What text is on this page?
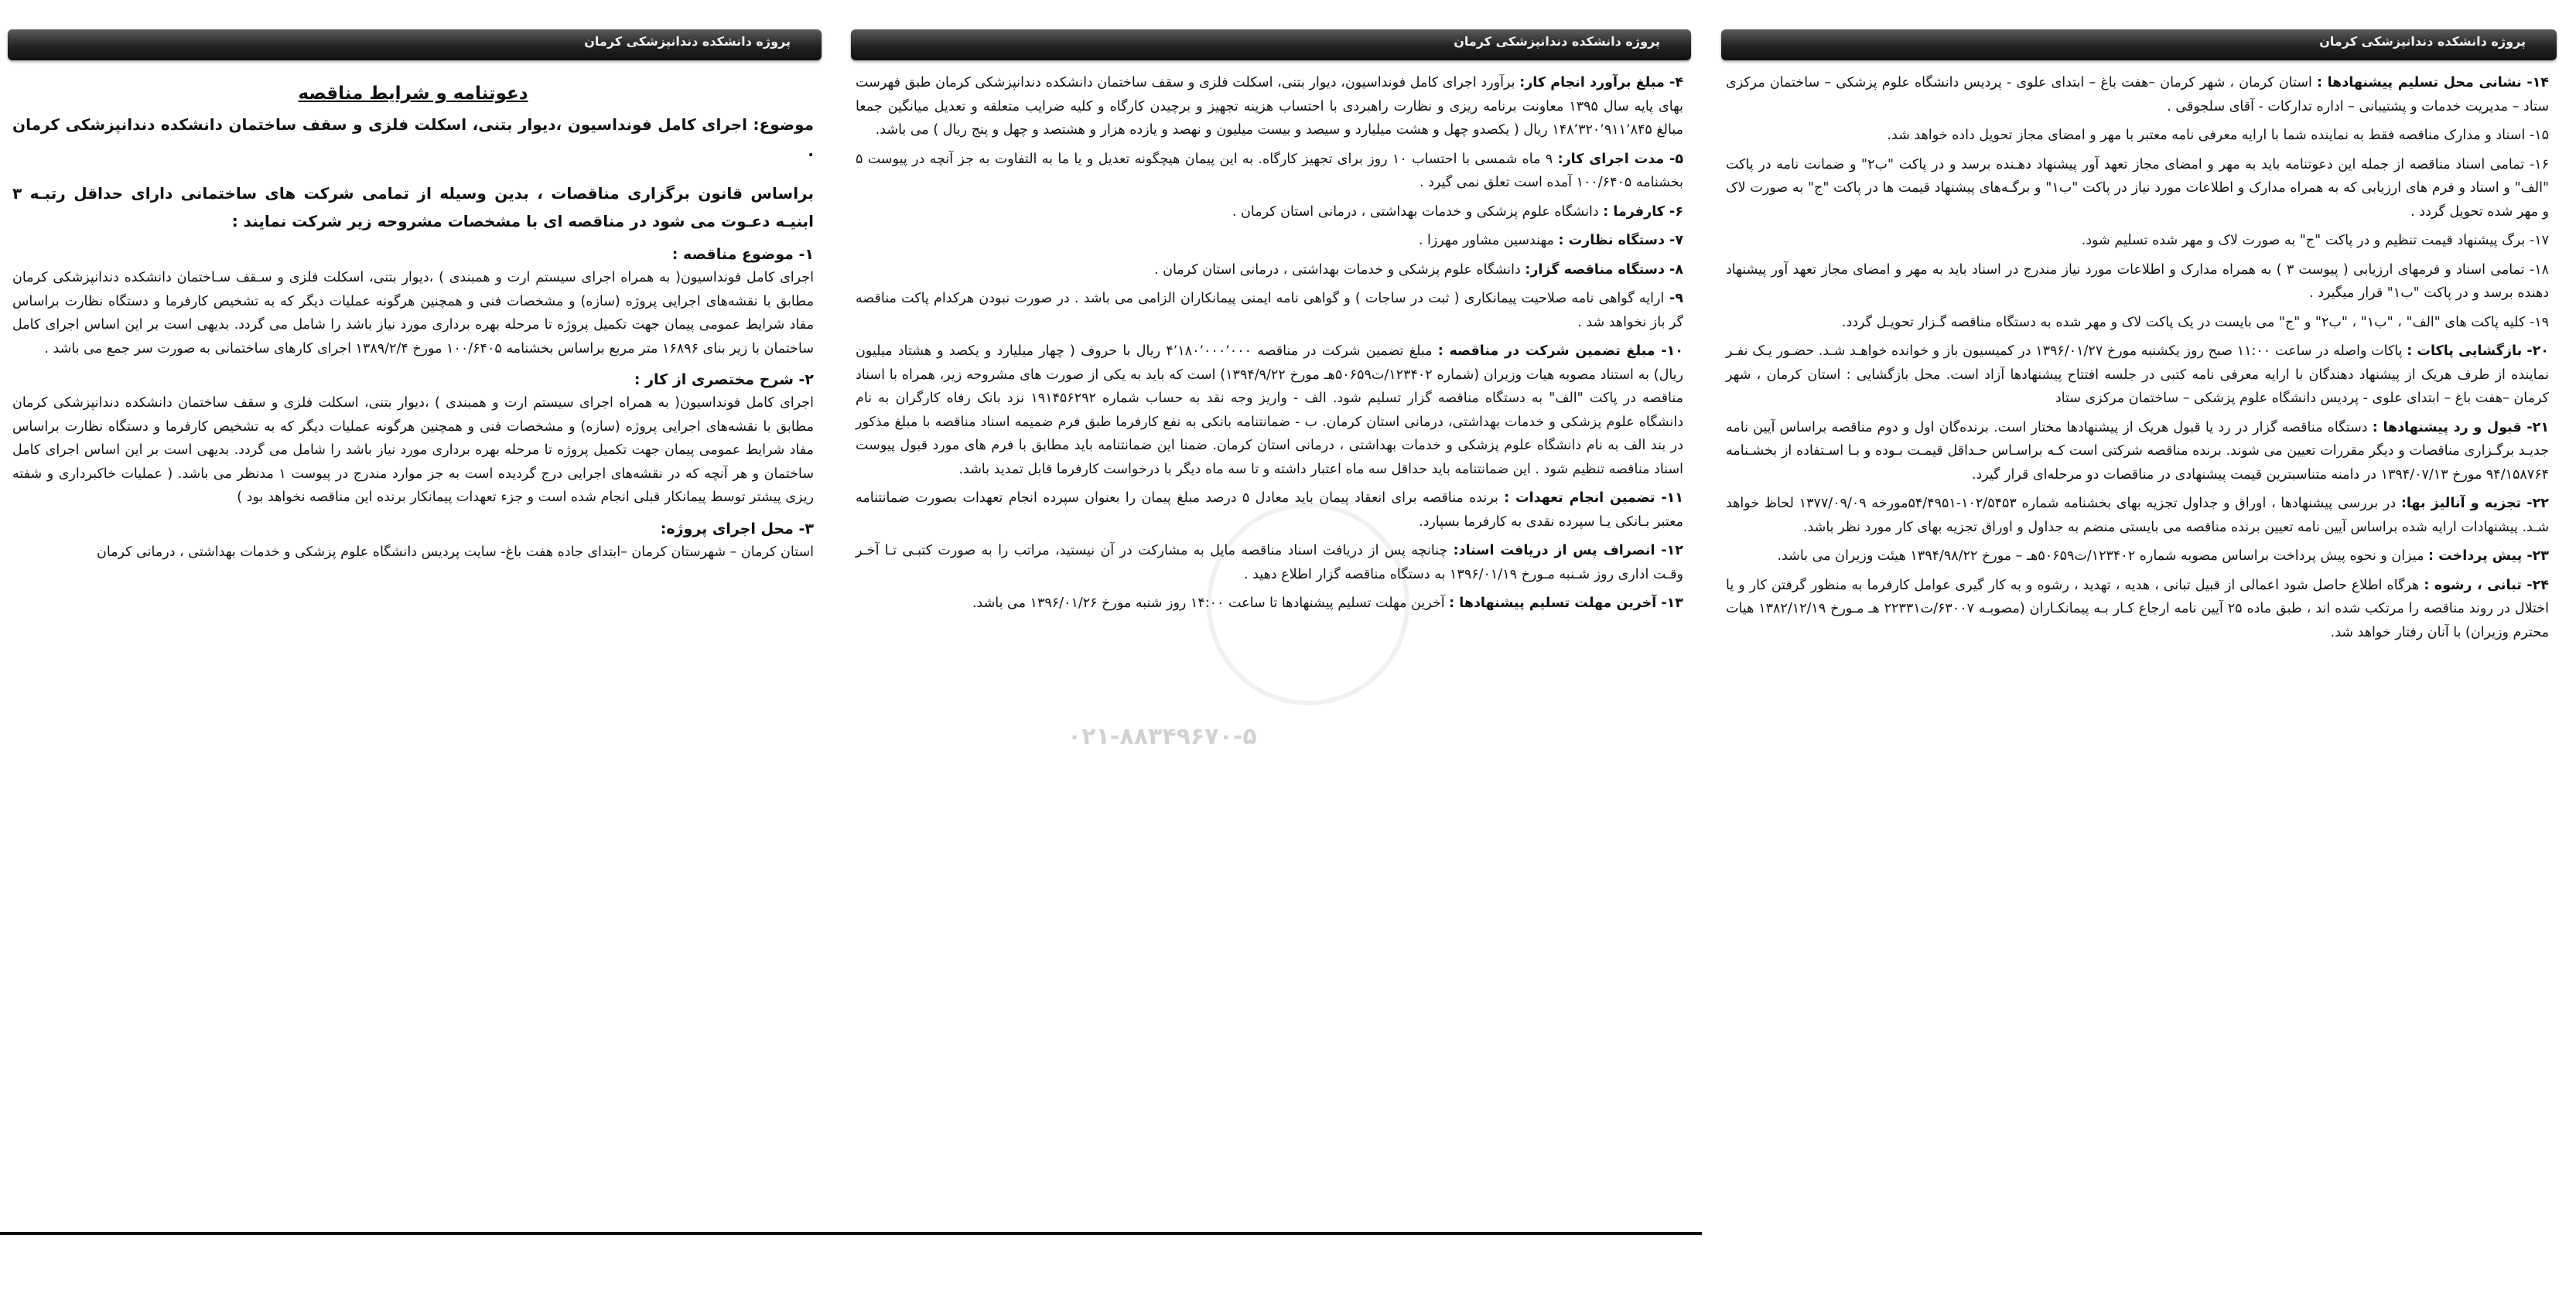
پروژه دانشکده دندانپزشکی کرمان
دعوتنامه و شرایط مناقصه
موضوع: اجرای کامل فونداسیون ،دیوار بتنی، اسکلت فلزی و سقف ساختمان دانشکده دندانپزشکی کرمان .
براساس قانون برگزاری مناقصات ، بدین وسیله از تمامی شرکت های ساختمانی دارای حداقل رتبـه ۳ ابنیـه دعـوت می شود در مناقصه ای با مشخصات مشروحه زیر شرکت نمایند :
۱- موضوع مناقصه :

اجرای کامل فونداسیون( به همراه اجرای سیستم ارت و همبندی ) ،دیوار بتنی، اسکلت فلزی و سـقف سـاختمان دانشکده دندانپزشکی کرمان مطابق با نقشه‌های اجرایی پروژه (سازه) و مشخصات فنی و همچنین هرگونه عملیات دیگر که به تشخیص کارفرما و دستگاه نظارت براساس مفاد شرایط عمومی پیمان جهت تکمیل پروژه تا مرحله بهره برداری مورد نیاز باشد را شامل می گردد. بدیهی است بر این اساس اجرای کامل ساختمان با زیر بنای ۱۶۸۹۶ متر مربع براساس بخشنامه ۱۰۰/۶۴۰۵ مورخ ۱۳۸۹/۲/۴ اجرای کارهای ساختمانی به صورت سر جمع می باشد .

۲- شرح مختصری از کار :

اجرای کامل فونداسیون( به همراه اجرای سیستم ارت و همبندی ) ،دیوار بتنی، اسکلت فلزی و سقف ساختمان دانشکده دندانپزشکی کرمان مطابق با نقشه‌های اجرایی پروژه (سازه) و مشخصات فنی و همچنین هرگونه عملیات دیگر که به تشخیص کارفرما و دستگاه نظارت براساس مفاد شرایط عمومی پیمان جهت تکمیل پروژه تا مرحله بهره برداری مورد نیاز باشد را شامل می گردد. بدیهی است بر این اساس اجرای کامل ساختمان و هر آنچه که در نقشه‌های اجرایی درج گردیده است به جز موارد مندرج در پیوست ۱ مدنظر می باشد. ( عملیات خاکبرداری و شفته ریزی پیشتر توسط پیمانکار قبلی انجام شده است و جزء تعهدات پیمانکار برنده این مناقصه نخواهد بود )

۳- محل اجرای پروژه:

استان کرمان – شهرستان کرمان –ابتدای جاده هفت باغ- سایت پردیس دانشگاه علوم پزشکی و خدمات بهداشتی ، درمانی کرمان

پروژه دانشکده دندانپزشکی کرمان

۴- مبلغ برآورد انجام کار: برآورد اجرای کامل فونداسیون، دیوار بتنی، اسکلت فلزی و سقف ساختمان دانشکده دندانپزشکی کرمان طبق فهرست بهای پایه سال ۱۳۹۵ معاونت برنامه ریزی و نظارت راهبردی با احتساب هزینه تجهیز و برچیدن کارگاه و کلیه ضرایب متعلقه و تعدیل میانگین جمعا مبالغ ۱۴۸٬۳۲۰٬۹۱۱٬۸۴۵ ریال ( یکصدو چهل و هشت میلیارد و سیصد و بیست میلیون و نهصد و یازده هزار و هشتصد و چهل و پنج ریال ) می باشد.

۵- مدت اجرای کار: ۹ ماه شمسی با احتساب ۱۰ روز برای تجهیز کارگاه. به این پیمان هیچگونه تعدیل و یا ما به التفاوت به جز آنچه در پیوست ۵ بخشنامه ۱۰۰/۶۴۰۵ آمده است تعلق نمی گیرد .

۶- کارفرما : دانشگاه علوم پزشکی و خدمات بهداشتی ، درمانی استان کرمان .

۷- دستگاه نظارت : مهندسین مشاور مهرزا .

۸- دستگاه مناقصه گزار: دانشگاه علوم پزشکی و خدمات بهداشتی ، درمانی استان کرمان .

۹- ارایه گواهی نامه صلاحیت پیمانکاری ( ثبت در ساجات ) و گواهی نامه ایمنی پیمانکاران الزامی می باشد . در صورت نبودن هرکدام پاکت مناقصه گر باز نخواهد شد .

۱۰- مبلغ تضمین شرکت در مناقصه : مبلغ تضمین شرکت در مناقصه ۴٬۱۸۰٬۰۰۰٬۰۰۰ ریال با حروف ( چهار میلیارد و یکصد و هشتاد میلیون ریال) به استناد مصوبه هیات وزیران (شماره ۱۲۳۴۰۲/ت۵۰۶۵۹هـ مورخ ۱۳۹۴/۹/۲۲) است که باید به یکی از صورت های مشروحه زیر، همراه با اسناد مناقصه در پاکت "الف" به دستگاه مناقصه گزار تسلیم شود. الف - واریز وجه نقد به حساب شماره ۱۹۱۴۵۶۲۹۲ نزد بانک رفاه کارگران به نام دانشگاه علوم پزشکی و خدمات بهداشتی، درمانی استان کرمان. ب - ضمانتنامه بانکی به نفع کارفرما طبق فرم ضمیمه اسناد مناقصه با مبلغ مذکور در بند الف به نام دانشگاه علوم پزشکی و خدمات بهداشتی ، درمانی استان کرمان. ضمنا این ضمانتنامه باید مطابق با فرم های مورد قبول پیوست اسناد مناقصه تنظیم شود . این ضمانتنامه باید حداقل سه ماه اعتبار داشته و تا سه ماه دیگر با درخواست کارفرما قابل تمدید باشد.

۱۱- تضمین انجام تعهدات : برنده مناقصه برای انعقاد پیمان باید معادل ۵ درصد مبلغ پیمان را بعنوان سپرده انجام تعهدات بصورت ضمانتنامه معتبر بـانکی یـا سپرده نقدی به کارفرما بسپارد.

۱۲- انصراف پس از دریافت اسناد: چنانچه پس از دریافت اسناد مناقصه مایل به مشارکت در آن نیستید، مراتب را به صورت کتبـی تـا آخـر وقـت اداری روز شـنبه مـورخ ۱۳۹۶/۰۱/۱۹ به دستگاه مناقصه گزار اطلاع دهید .

۱۳- آخرین مهلت تسلیم پیشنهادها : آخرین مهلت تسلیم پیشنهادها تا ساعت ۱۴:۰۰ روز شنبه مورخ ۱۳۹۶/۰۱/۲۶ می باشد.

پروژه دانشکده دندانپزشکی کرمان

۱۴- نشانی محل تسلیم پیشنهادها : استان کرمان ، شهر کرمان –هفت باغ – ابتدای علوی - پردیس دانشگاه علوم پزشکی – ساختمان مرکزی ستاد – مدیریت خدمات و پشتیبانی – اداره تدارکات - آقای سلجوقی .

۱۵- اسناد و مدارک مناقصه فقط به نماینده شما با ارایه معرفی نامه معتبر با مهر و امضای مجاز تحویل داده خواهد شد.

۱۶- تمامی اسناد مناقصه از جمله این دعوتنامه باید به مهر و امضای مجاز تعهد آور پیشنهاد دهـنده برسد و در پاکت "ب۲" و ضمانت نامه در پاکت "الف" و اسناد و فرم های ارزیابی که به همراه مدارک و اطلاعات مورد نیاز در پاکت "ب۱" و برگـه‌های پیشنهاد قیمت ها در پاکت "ج" به صورت لاک و مهر شده تحویل گردد .

۱۷- برگ پیشنهاد قیمت تنظیم و در پاکت "ج" به صورت لاک و مهر شده تسلیم شود.

۱۸- تمامی اسناد و فرمهای ارزیابی ( پیوست ۳ ) به همراه مدارک و اطلاعات مورد نیاز مندرج در اسناد باید به مهر و امضای مجاز تعهد آور پیشنهاد دهنده برسد و در پاکت "ب۱" قرار میگیرد .

۱۹- کلیه پاکت های "الف" ، "ب۱" ، "ب۲" و "ج" می بایست در یک پاکت لاک و مهر شده به دستگاه مناقصه گـزار تحویـل گردد.

۲۰- بازگشایی پاکات : پاکات واصله در ساعت ۱۱:۰۰ صبح روز یکشنبه مورخ ۱۳۹۶/۰۱/۲۷ در کمیسیون باز و خوانده خواهـد شـد. حضـور یـک نفـر نماینده از طرف هریک از پیشنهاد دهندگان با ارایه معرفی نامه کتبی در جلسه افتتاح پیشنهادها آزاد است. محل بازگشایی : استان کرمان ، شهر کرمان –هفت باغ – ابتدای علوی - پردیس دانشگاه علوم پزشکی – ساختمان مرکزی ستاد

۲۱- قبول و رد پیشنهادها : دستگاه مناقصه گزار در رد یا قبول هریک از پیشنهادها مختار است. برنده‌گان اول و دوم مناقصه براساس آیین نامه جدیـد برگـزاری مناقصات و دیگر مقررات تعیین می شوند. برنده مناقصه شرکتی است کـه براسـاس حـداقل قیمـت بـوده و بـا اسـتفاده از بخشـنامه ۹۴/۱۵۸۷۶۴ مورخ ۱۳۹۴/۰۷/۱۳ در دامنه متناسبترین قیمت پیشنهادی در مناقصات دو مرحله‌ای قرار گیرد.

۲۲- تجزیه و آنالیز بها: در بررسی پیشنهادها ، اوراق و جداول تجزیه بهای بخشنامه شماره ۱۰۲/۵۴۵۳-۵۴/۴۹۵۱مورخه ۱۳۷۷/۰۹/۰۹ لحاظ خواهد شـد. پیشنهادات ارایه شده براساس آیین نامه تعیین برنده مناقصه می بایستی منضم به جداول و اوراق تجزیه بهای کار مورد نظر باشد.

۲۳- پیش پرداخت : میزان و نحوه پیش پرداخت براساس مصوبه شماره ۱۲۳۴۰۲/ت۵۰۶۵۹هـ – مورخ ۱۳۹۴/۹۸/۲۲ هیئت وزیران می باشد.

۲۴- تبانی ، رشوه : هرگاه اطلاع حاصل شود اعمالی از قبیل تبانی ، هدیه ، تهدید ، رشوه و به کار گیری عوامل کارفرما به منظور گرفتن کار و یا اختلال در روند مناقصه را مرتکب شده اند ، طبق ماده ۲۵ آیین نامه ارجاع کـار بـه پیمانکـاران (مصوبـه ۶۳۰۰۷/ت۲۲۳۳۱ هـ مـورخ ۱۳۸۲/۱۲/۱۹ هیات محترم وزیران) با آنان رفتار خواهد شد.

۰۲۱-۸۸۳۴۹۶۷۰-۵
